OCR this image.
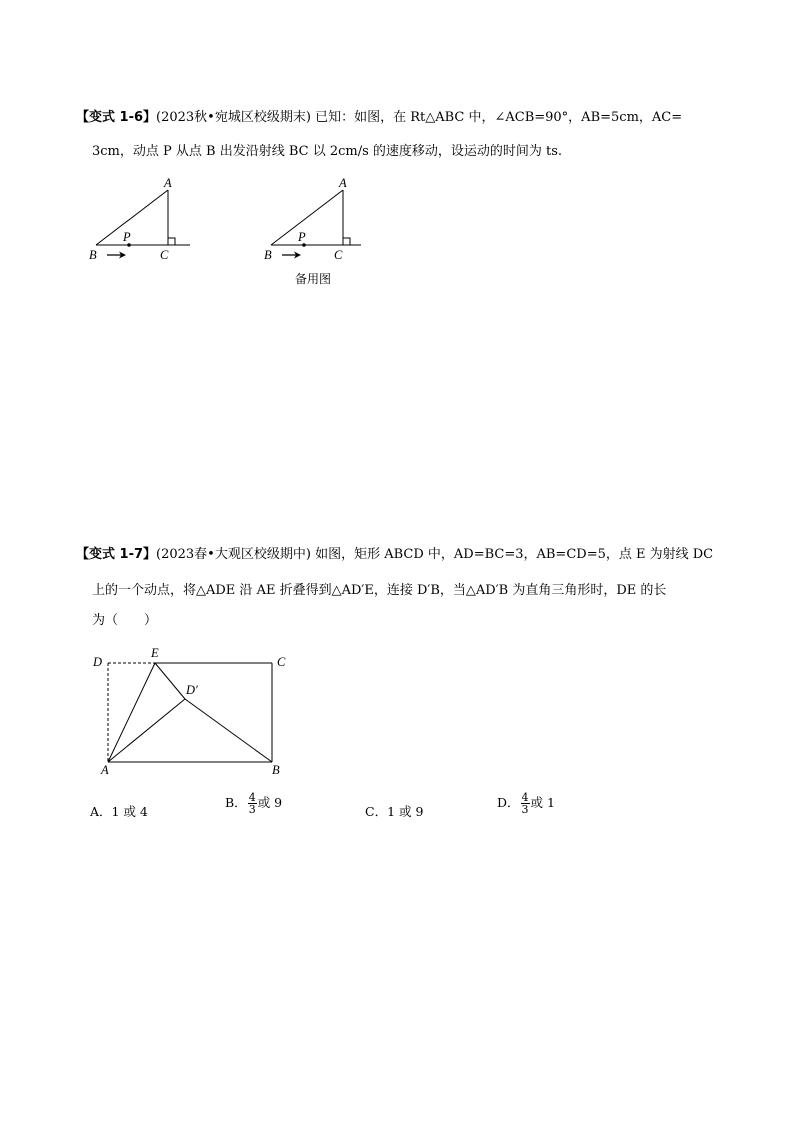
【变式 1-6】(2023秋•宛城区校级期末) 已知：如图，在 Rt△ABC 中，∠ACB=90°，AB=5cm，AC=
3cm，动点 P 从点 B 出发沿射线 BC 以 2cm/s 的速度移动，设运动的时间为 ts.
A
B	C
P
A
B	C
P
备用图
【变式 1-7】(2023春•大观区校级期中) 如图，矩形 ABCD 中，AD=BC=3，AB=CD=5，点 E 为射线 DC
上的一个动点，将△ADE 沿 AE 折叠得到△AD′E，连接 D′B，当△AD′B 为直角三角形时，DE 的长
为（　　）
D
E
C
D′
A	B
A．1 或 4
B． $\frac{4}{3}$ 或 9
C．1 或 9
D． $\frac{4}{3}$ 或 1
